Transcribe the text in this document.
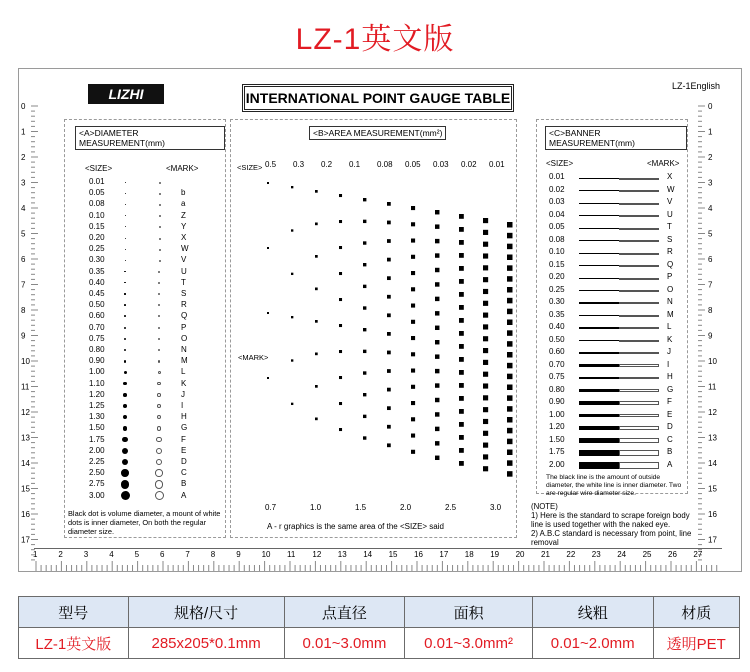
LZ-1英文版
LIZHI	INTERNATIONAL POINT GAUGE TABLE
LZ-1English
0
1
2
3
4
5
6
7
8
9
10
11
12
13
14
15
16
17
0
1
2
3
4
5
6
7
8
9
10
11
12
13
14
15
16
17
<A>DIAMETER MEASUREMENT(mm)
<SIZE>	<MARK>
0.01
0.05	b
0.08	a
0.10	Z
0.15	Y
0.20	X
0.25	W
0.30	V
0.35	U
0.40	T
0.45	S
0.50	R
0.60	Q
0.70	P
0.75	O
0.80	N
0.90	M
1.00	L
1.10	K
1.20	J
1.25	I
1.30	H
1.50	G
1.75	F
2.00	E
2.25	D
2.50	C
2.75	B
3.00	A
Black dot is volume diameter, a mount of white dots is inner diameter, On both the regular diameter size.
<B>AREA MEASUREMENT(mm²)
<SIZE> 0.5 0.3 0.2 0.1 0.08 0.05 0.03 0.02 0.01
<MARK>
0.7	1.0	1.5	2.0	2.5	3.0
A - r graphics is the same area of the <SIZE> said
<C>BANNER MEASUREMENT(mm)
<SIZE>	<MARK>
0.01	X
0.02	W
0.03	V
0.04	U
0.05	T
0.08	S
0.10	R
0.15	Q
0.20	P
0.25	O
0.30	N
0.35	M
0.40	L
0.50	K
0.60	J
0.70	I
0.75	H
0.80	G
0.90	F
1.00	E
1.20	D
1.50	C
1.75	B
2.00	A
The black line is the amount of outside diameter, the white line is inner diameter. Two are regular wire diameter size.
(NOTE)
1) Here is the standard to scrape foreign body line is used together with the naked eye.
2) A.B.C standard is necessary from point, line removal
1	2	3	4	5	6	7	8	9	10 11 12 13 14 15 16 17 18 19 20 21 22 23 24 25 26 27
型号	规格/尺寸	点直径	面积	线粗	材质
LZ-1英文版	285x205*0.1mm	0.01~3.0mm	0.01~3.0mm²	0.01~2.0mm	透明PET
